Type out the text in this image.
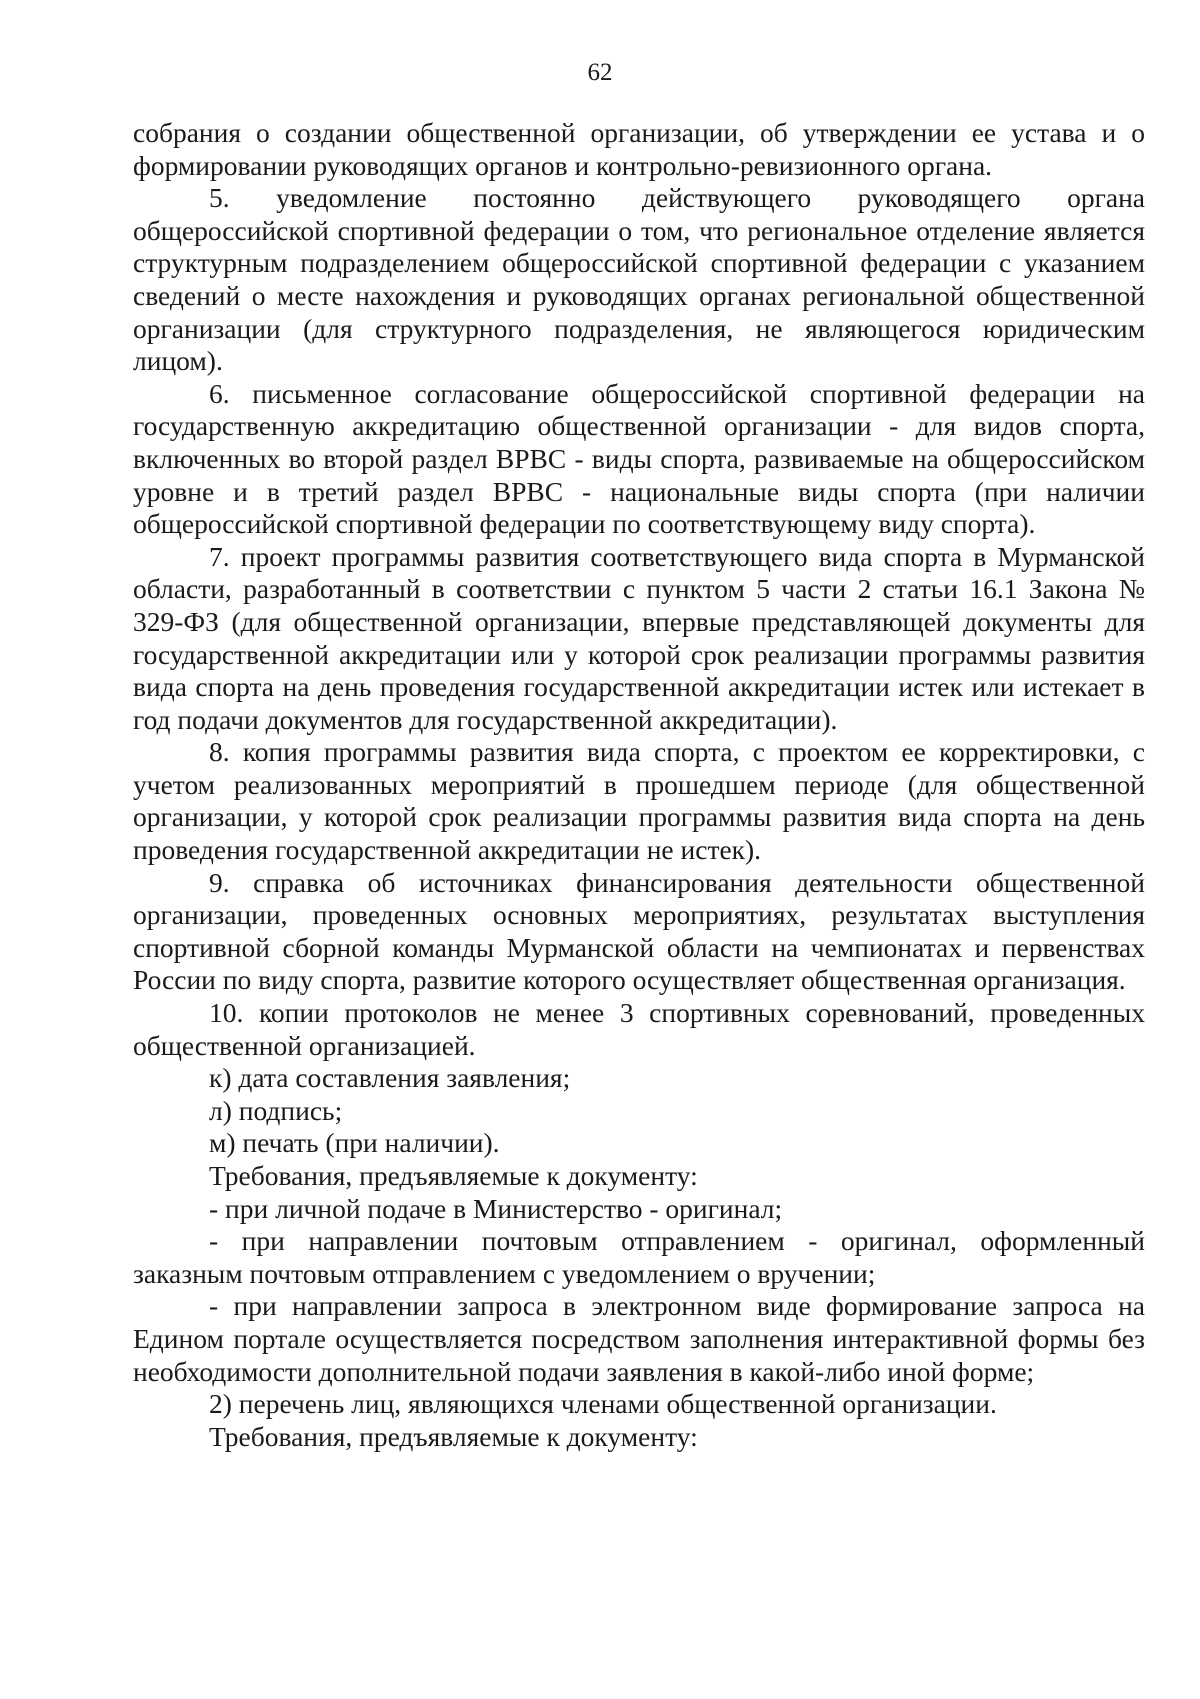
62

собрания о создании общественной организации, об утверждении ее устава и о формировании руководящих органов и контрольно-ревизионного органа.

5. уведомление постоянно действующего руководящего органа общероссийской спортивной федерации о том, что региональное отделение является структурным подразделением общероссийской спортивной федерации с указанием сведений о месте нахождения и руководящих органах региональной общественной организации (для структурного подразделения, не являющегося юридическим лицом).

6. письменное согласование общероссийской спортивной федерации на государственную аккредитацию общественной организации - для видов спорта, включенных во второй раздел ВРВС - виды спорта, развиваемые на общероссийском уровне и в третий раздел ВРВС - национальные виды спорта (при наличии общероссийской спортивной федерации по соответствующему виду спорта).

7. проект программы развития соответствующего вида спорта в Мурманской области, разработанный в соответствии с пунктом 5 части 2 статьи 16.1 Закона № 329-ФЗ (для общественной организации, впервые представляющей документы для государственной аккредитации или у которой срок реализации программы развития вида спорта на день проведения государственной аккредитации истек или истекает в год подачи документов для государственной аккредитации).

8. копия программы развития вида спорта, с проектом ее корректировки, с учетом реализованных мероприятий в прошедшем периоде (для общественной организации, у которой срок реализации программы развития вида спорта на день проведения государственной аккредитации не истек).

9. справка об источниках финансирования деятельности общественной организации, проведенных основных мероприятиях, результатах выступления спортивной сборной команды Мурманской области на чемпионатах и первенствах России по виду спорта, развитие которого осуществляет общественная организация.

10. копии протоколов не менее 3 спортивных соревнований, проведенных общественной организацией.

к) дата составления заявления;

л) подпись;

м) печать (при наличии).

Требования, предъявляемые к документу:

- при личной подаче в Министерство - оригинал;

- при направлении почтовым отправлением - оригинал, оформленный заказным почтовым отправлением с уведомлением о вручении;

- при направлении запроса в электронном виде формирование запроса на Едином портале осуществляется посредством заполнения интерактивной формы без необходимости дополнительной подачи заявления в какой-либо иной форме;

2) перечень лиц, являющихся членами общественной организации.

Требования, предъявляемые к документу:
